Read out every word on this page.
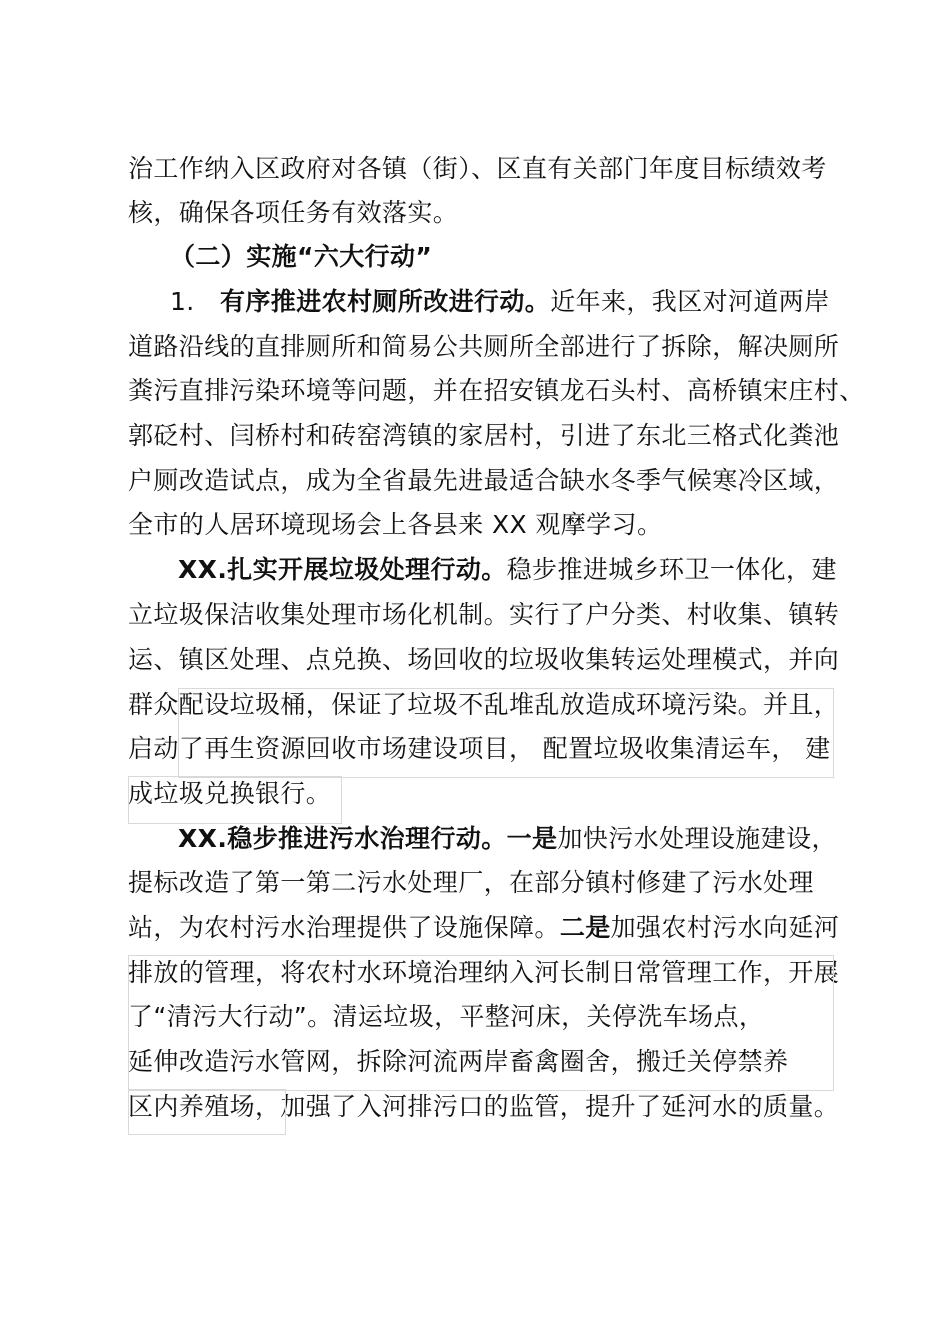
治工作纳入区政府对各镇（街）、区直有关部门年度目标绩效考
核，确保各项任务有效落实。
（二）实施“六大行动”
1. 有序推进农村厕所改进行动。近年来，我区对河道两岸
道路沿线的直排厕所和简易公共厕所全部进行了拆除，解决厕所
粪污直排污染环境等问题，并在招安镇龙石头村、高桥镇宋庄村、
郭砭村、闫桥村和砖窑湾镇的家居村，引进了东北三格式化粪池
户厕改造试点，成为全省最先进最适合缺水冬季气候寒冷区域，
全市的人居环境现场会上各县来 XX 观摩学习。
XX.扎实开展垃圾处理行动。稳步推进城乡环卫一体化，建
立垃圾保洁收集处理市场化机制。实行了户分类、村收集、镇转
运、镇区处理、点兑换、场回收的垃圾收集转运处理模式，并向
群众配设垃圾桶，保证了垃圾不乱堆乱放造成环境污染。并且，
启动了再生资源回收市场建设项目， 配置垃圾收集清运车， 建
成垃圾兑换银行。
XX.稳步推进污水治理行动。一是加快污水处理设施建设，
提标改造了第一第二污水处理厂，在部分镇村修建了污水处理
站，为农村污水治理提供了设施保障。二是加强农村污水向延河
排放的管理，将农村水环境治理纳入河长制日常管理工作，开展
了“清污大行动”。清运垃圾，平整河床，关停洗车场点，
延伸改造污水管网，拆除河流两岸畜禽圈舍，搬迁关停禁养
区内养殖场，加强了入河排污口的监管，提升了延河水的质量。
